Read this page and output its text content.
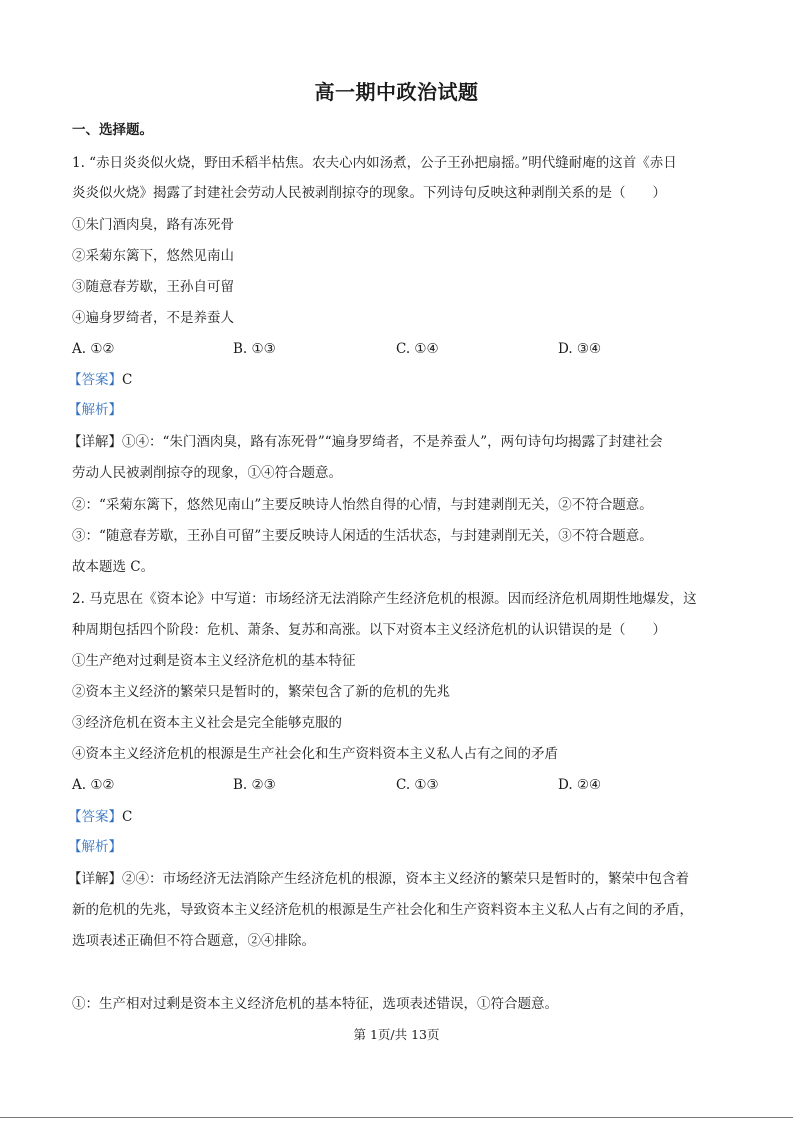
高一期中政治试题
一、选择题。
1. “赤日炎炎似火烧，野田禾稻半枯焦。农夫心内如汤煮，公子王孙把扇摇。”明代缝耐庵的这首《赤日
炎炎似火烧》揭露了封建社会劳动人民被剥削掠夺的现象。下列诗句反映这种剥削关系的是（　　）
①朱门酒肉臭，路有冻死骨
②采菊东篱下，悠然见南山
③随意春芳歇，王孙自可留
④遍身罗绮者，不是养蚕人
A. ①②	B. ①③	C. ①④	D. ③④
【答案】C
【解析】
【详解】①④：“朱门酒肉臭，路有冻死骨”“遍身罗绮者，不是养蚕人”，两句诗句均揭露了封建社会
劳动人民被剥削掠夺的现象，①④符合题意。
②：“采菊东篱下，悠然见南山”主要反映诗人怡然自得的心情，与封建剥削无关，②不符合题意。
③：“随意春芳歇，王孙自可留”主要反映诗人闲适的生活状态，与封建剥削无关，③不符合题意。
故本题选 C。
2. 马克思在《资本论》中写道：市场经济无法消除产生经济危机的根源。因而经济危机周期性地爆发，这
种周期包括四个阶段：危机、萧条、复苏和高涨。以下对资本主义经济危机的认识错误的是（　　）
①生产绝对过剩是资本主义经济危机的基本特征
②资本主义经济的繁荣只是暂时的，繁荣包含了新的危机的先兆
③经济危机在资本主义社会是完全能够克服的
④资本主义经济危机的根源是生产社会化和生产资料资本主义私人占有之间的矛盾
A. ①②	B. ②③	C. ①③	D. ②④
【答案】C
【解析】
【详解】②④：市场经济无法消除产生经济危机的根源，资本主义经济的繁荣只是暂时的，繁荣中包含着
新的危机的先兆，导致资本主义经济危机的根源是生产社会化和生产资料资本主义私人占有之间的矛盾，
选项表述正确但不符合题意，②④排除。
①：生产相对过剩是资本主义经济危机的基本特征，选项表述错误，①符合题意。
第 1页/共 13页
